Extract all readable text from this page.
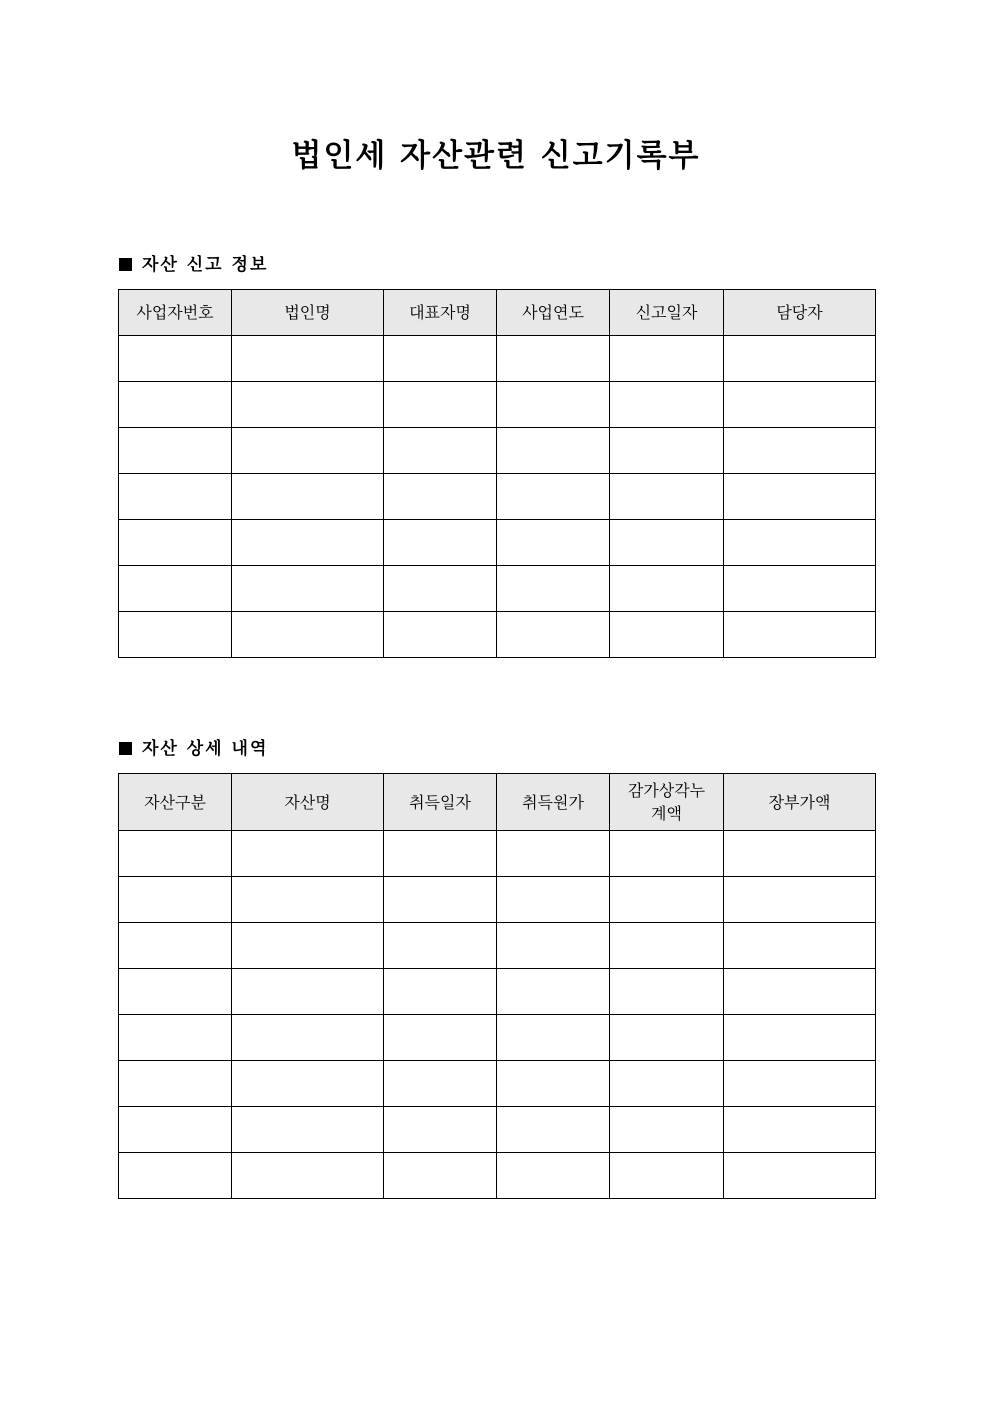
법인세 자산관련 신고기록부
자산 신고 정보
사업자번호	법인명	대표자명	사업연도	신고일자	담당자

자산 상세 내역
자산구분	자산명	취득일자	취득원가	감가상각누계액	장부가액
